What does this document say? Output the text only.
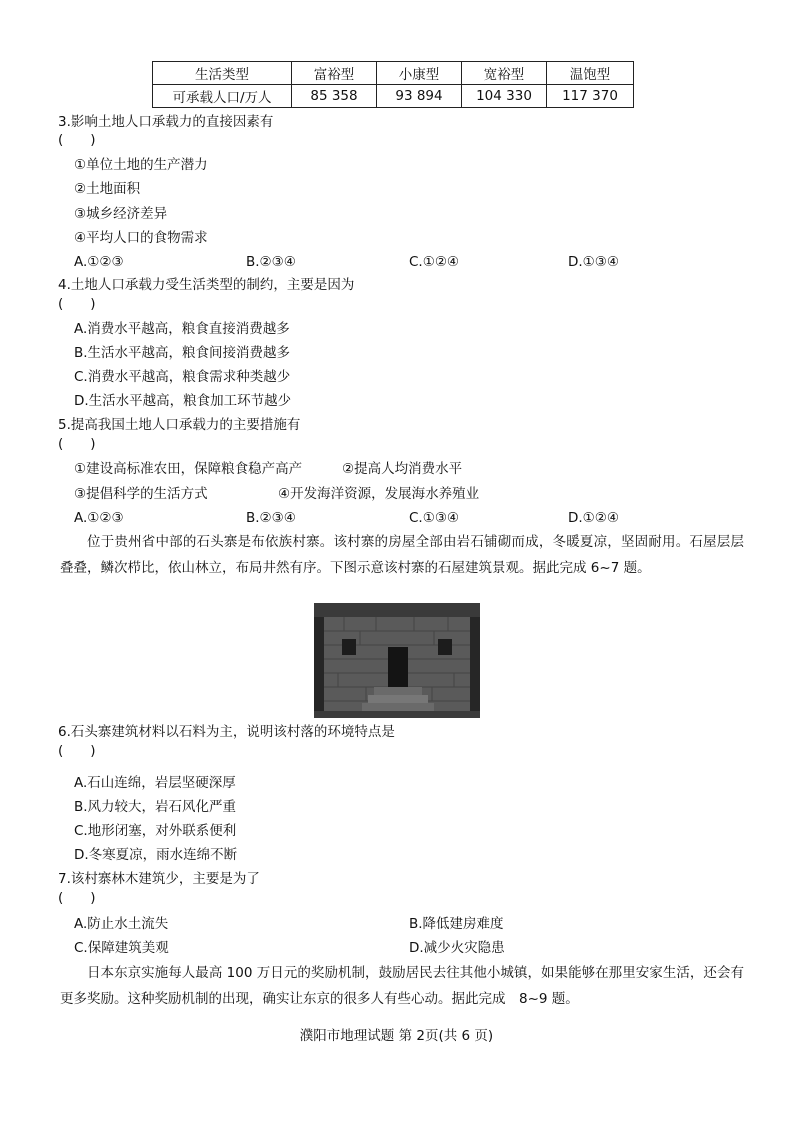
生活类型	富裕型	小康型	宽裕型	温饱型
可承载人口/万人	85 358	93 894	104 330	117 370
3.影响土地人口承载力的直接因素有
(　　)
①单位土地的生产潜力
②土地面积
③城乡经济差异
④平均人口的食物需求
A.①②③	B.②③④	C.①②④	D.①③④
4.土地人口承载力受生活类型的制约，主要是因为
(　　)
A.消费水平越高，粮食直接消费越多
B.生活水平越高，粮食间接消费越多
C.消费水平越高，粮食需求种类越少
D.生活水平越高，粮食加工环节越少
5.提高我国土地人口承载力的主要措施有
(　　)
①建设高标准农田，保障粮食稳产高产	②提高人均消费水平
③提倡科学的生活方式	④开发海洋资源，发展海水养殖业
A.①②③	B.②③④	C.①③④	D.①②④
位于贵州省中部的石头寨是布依族村寨。该村寨的房屋全部由岩石铺砌而成，冬暖夏凉，坚固耐用。石屋层层叠叠，鳞次栉比，依山林立，布局井然有序。下图示意该村寨的石屋建筑景观。据此完成 6~7 题。
6.石头寨建筑材料以石料为主，说明该村落的环境特点是
(　　)
A.石山连绵，岩层坚硬深厚
B.风力较大，岩石风化严重
C.地形闭塞，对外联系便利
D.冬寒夏凉，雨水连绵不断
7.该村寨林木建筑少，主要是为了
(　　)
A.防止水土流失	B.降低建房难度
C.保障建筑美观	D.减少火灾隐患
日本东京实施每人最高 100 万日元的奖励机制，鼓励居民去往其他小城镇，如果能够在那里安家生活，还会有更多奖励。这种奖励机制的出现，确实让东京的很多人有些心动。据此完成　8~9 题。
濮阳市地理试题 第 2页(共 6 页)
